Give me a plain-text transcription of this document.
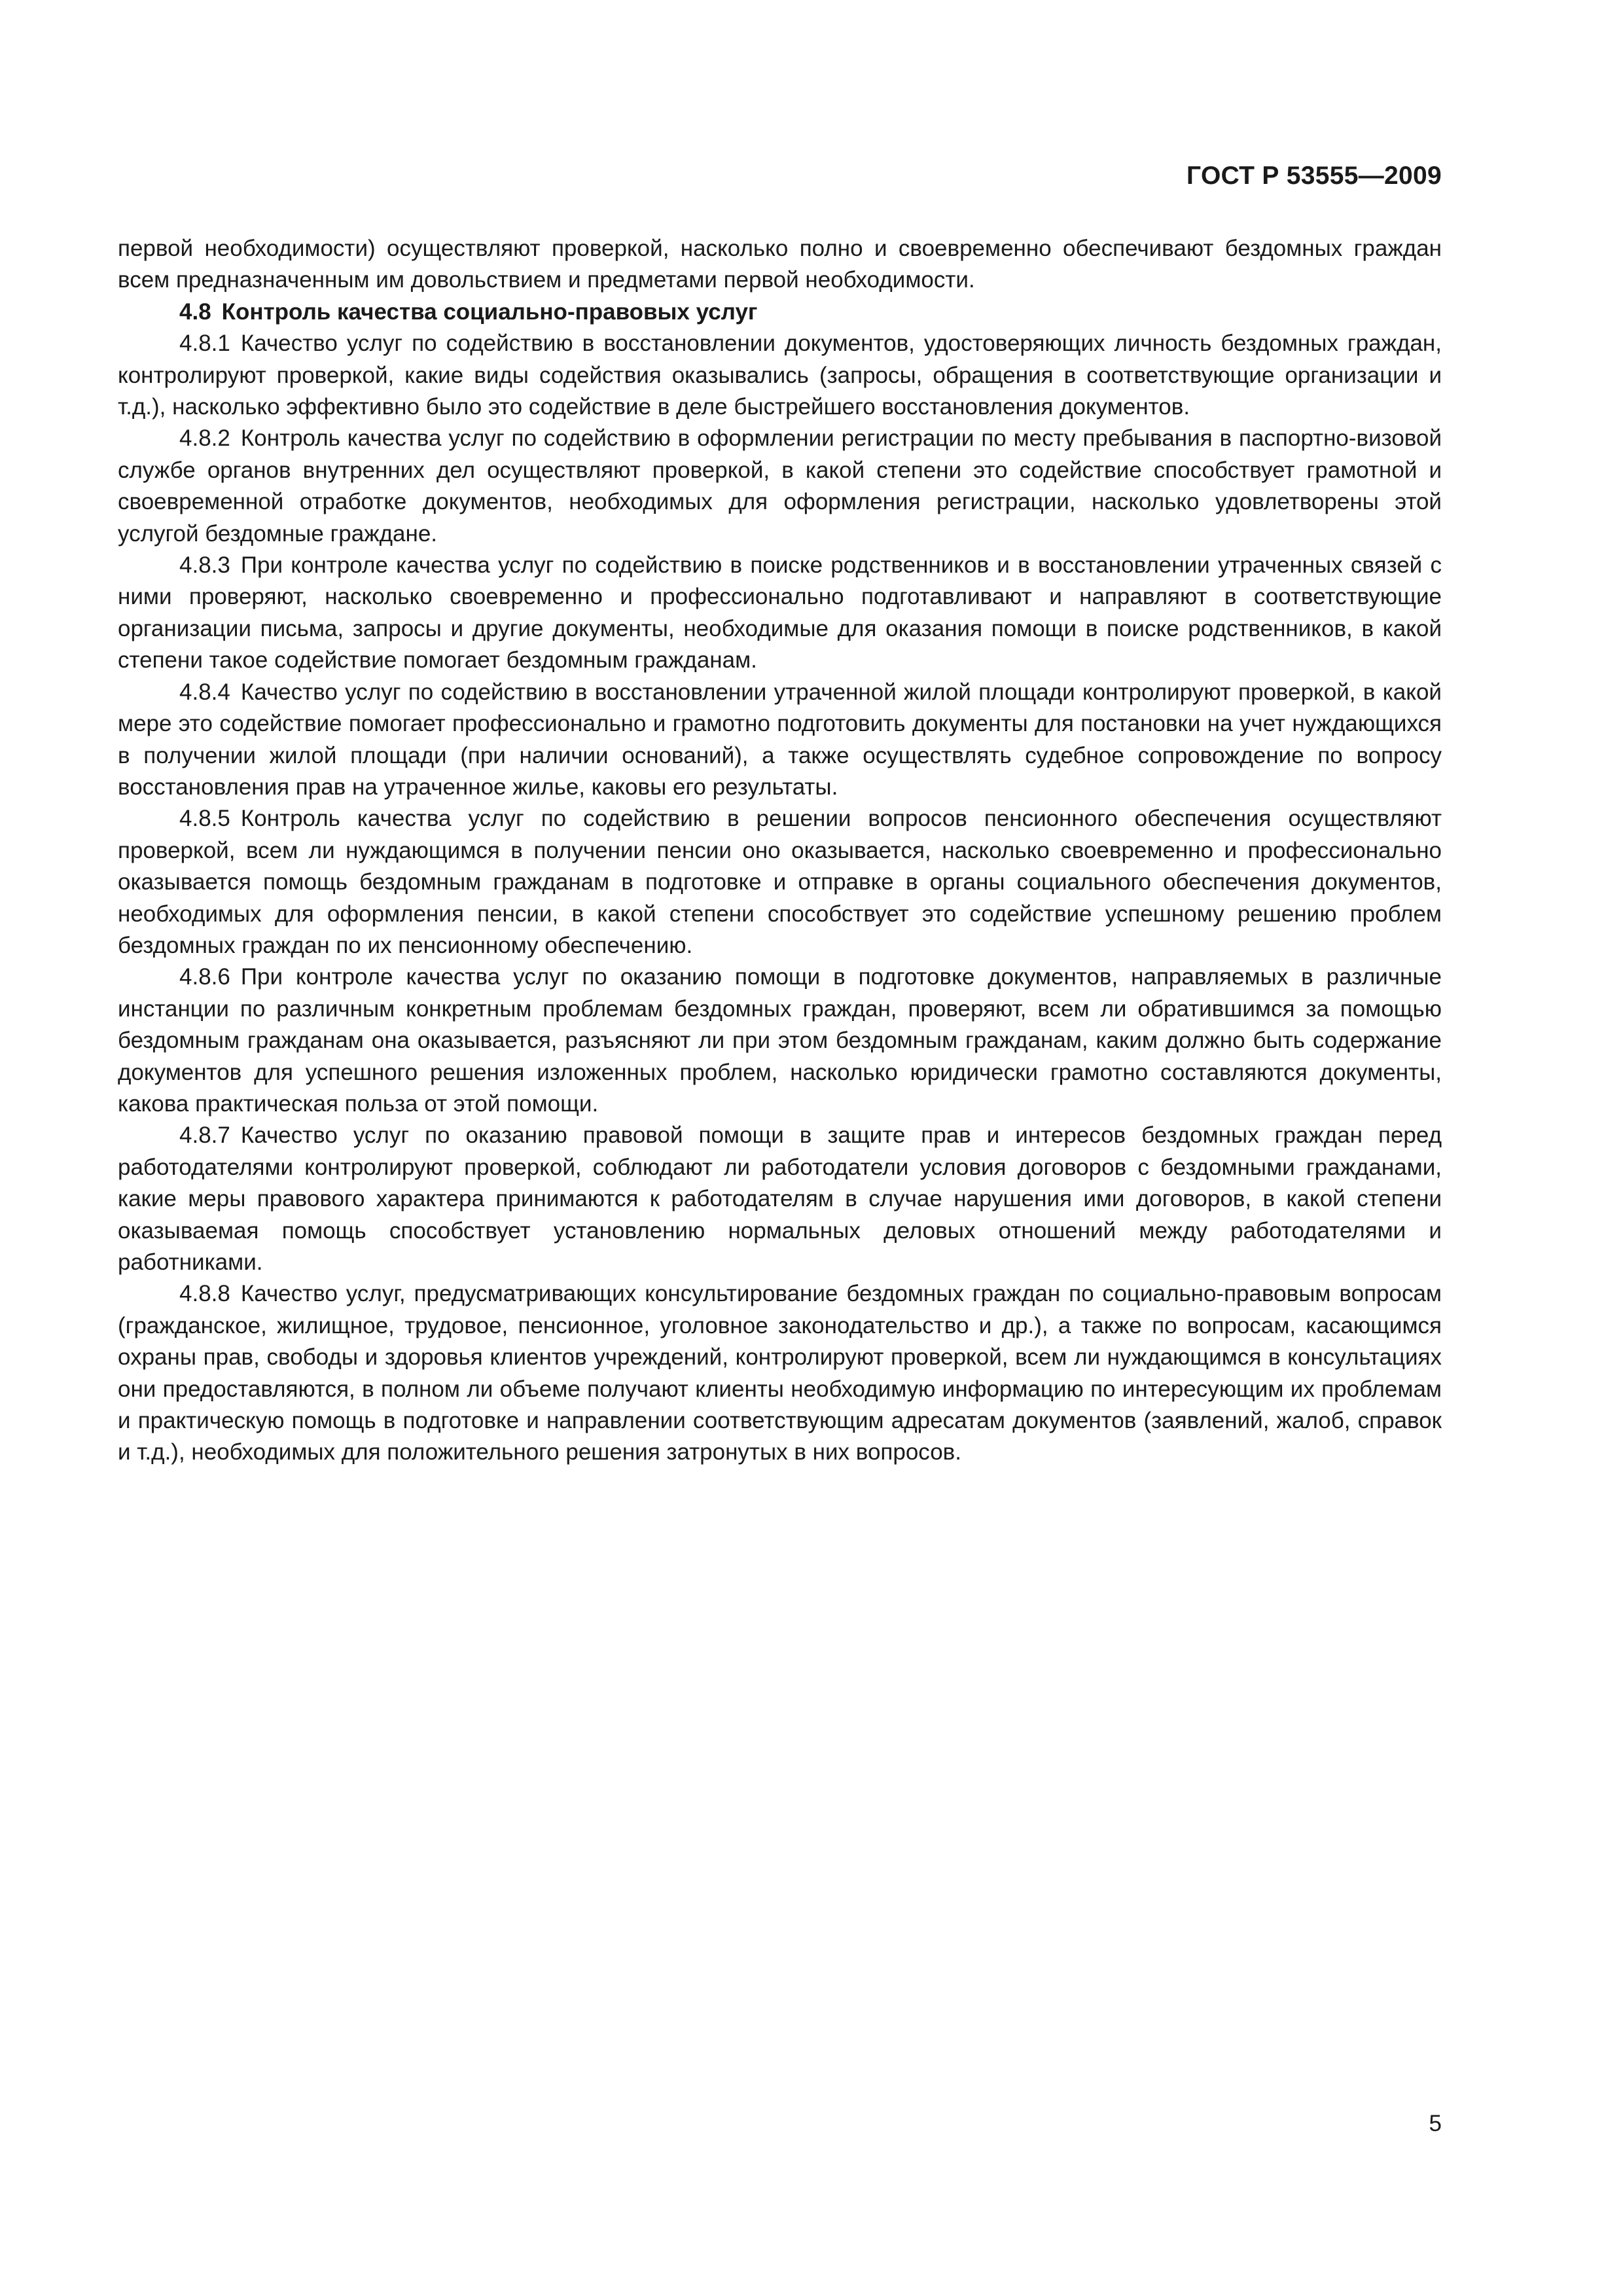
ГОСТ Р 53555—2009

первой необходимости) осуществляют проверкой, насколько полно и своевременно обеспечивают бездомных граждан всем предназначенным им довольствием и предметами первой необходимости.

4.8 Контроль качества социально-правовых услуг

4.8.1 Качество услуг по содействию в восстановлении документов, удостоверяющих личность бездомных граждан, контролируют проверкой, какие виды содействия оказывались (запросы, обращения в соответствующие организации и т.д.), насколько эффективно было это содействие в деле быстрейшего восстановления документов.

4.8.2 Контроль качества услуг по содействию в оформлении регистрации по месту пребывания в паспортно-визовой службе органов внутренних дел осуществляют проверкой, в какой степени это содействие способствует грамотной и своевременной отработке документов, необходимых для оформления регистрации, насколько удовлетворены этой услугой бездомные граждане.

4.8.3 При контроле качества услуг по содействию в поиске родственников и в восстановлении утраченных связей с ними проверяют, насколько своевременно и профессионально подготавливают и направляют в соответствующие организации письма, запросы и другие документы, необходимые для оказания помощи в поиске родственников, в какой степени такое содействие помогает бездомным гражданам.

4.8.4 Качество услуг по содействию в восстановлении утраченной жилой площади контролируют проверкой, в какой мере это содействие помогает профессионально и грамотно подготовить документы для постановки на учет нуждающихся в получении жилой площади (при наличии оснований), а также осуществлять судебное сопровождение по вопросу восстановления прав на утраченное жилье, каковы его результаты.

4.8.5 Контроль качества услуг по содействию в решении вопросов пенсионного обеспечения осуществляют проверкой, всем ли нуждающимся в получении пенсии оно оказывается, насколько своевременно и профессионально оказывается помощь бездомным гражданам в подготовке и отправке в органы социального обеспечения документов, необходимых для оформления пенсии, в какой степени способствует это содействие успешному решению проблем бездомных граждан по их пенсионному обеспечению.

4.8.6 При контроле качества услуг по оказанию помощи в подготовке документов, направляемых в различные инстанции по различным конкретным проблемам бездомных граждан, проверяют, всем ли обратившимся за помощью бездомным гражданам она оказывается, разъясняют ли при этом бездомным гражданам, каким должно быть содержание документов для успешного решения изложенных проблем, насколько юридически грамотно составляются документы, какова практическая польза от этой помощи.

4.8.7 Качество услуг по оказанию правовой помощи в защите прав и интересов бездомных граждан перед работодателями контролируют проверкой, соблюдают ли работодатели условия договоров с бездомными гражданами, какие меры правового характера принимаются к работодателям в случае нарушения ими договоров, в какой степени оказываемая помощь способствует установлению нормальных деловых отношений между работодателями и работниками.

4.8.8 Качество услуг, предусматривающих консультирование бездомных граждан по социально-правовым вопросам (гражданское, жилищное, трудовое, пенсионное, уголовное законодательство и др.), а также по вопросам, касающимся охраны прав, свободы и здоровья клиентов учреждений, контролируют проверкой, всем ли нуждающимся в консультациях они предоставляются, в полном ли объеме получают клиенты необходимую информацию по интересующим их проблемам и практическую помощь в подготовке и направлении соответствующим адресатам документов (заявлений, жалоб, справок и т.д.), необходимых для положительного решения затронутых в них вопросов.

5
